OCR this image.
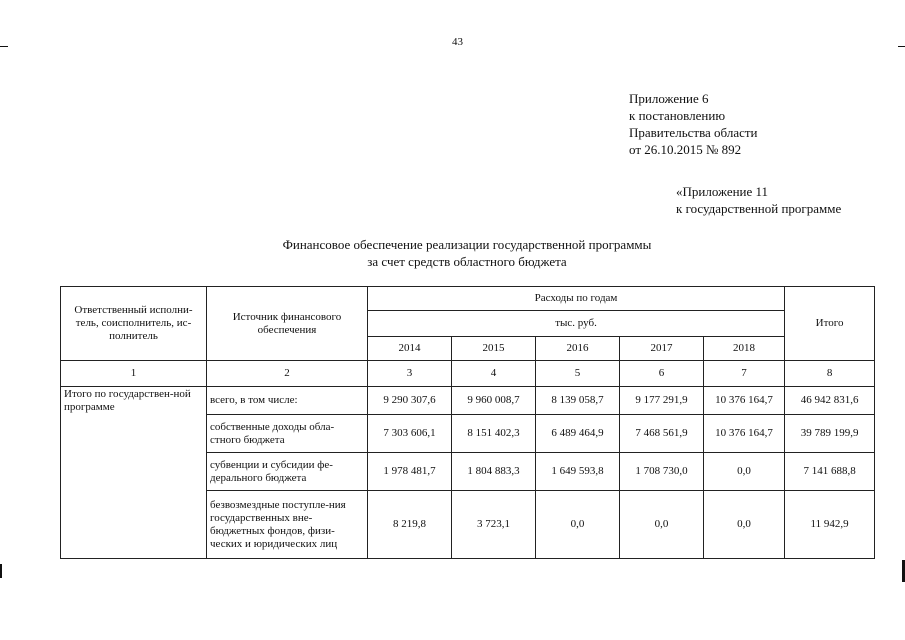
43
Приложение 6
к постановлению
Правительства области
от 26.10.2015 № 892
«Приложение 11
к государственной программе
Финансовое обеспечение реализации государственной программы
за счет средств областного бюджета
Ответственный исполни-тель, соисполнитель, ис-полнитель	Источник финансового обеспечения	Расходы по годам					Итого
		тыс. руб.					
		2014	2015	2016	2017	2018	
1	2	3	4	5	6	7	8
Итого по государствен-ной программе	всего, в том числе:	9 290 307,6	9 960 008,7	8 139 058,7	9 177 291,9	10 376 164,7	46 942 831,6
	собственные доходы обла-стного бюджета	7 303 606,1	8 151 402,3	6 489 464,9	7 468 561,9	10 376 164,7	39 789 199,9
	субвенции и субсидии фе-дерального бюджета	1 978 481,7	1 804 883,3	1 649 593,8	1 708 730,0	0,0	7 141 688,8
	безвозмездные поступле-ния государственных вне-бюджетных фондов, физи-ческих и юридических лиц	8 219,8	3 723,1	0,0	0,0	0,0	11 942,9
